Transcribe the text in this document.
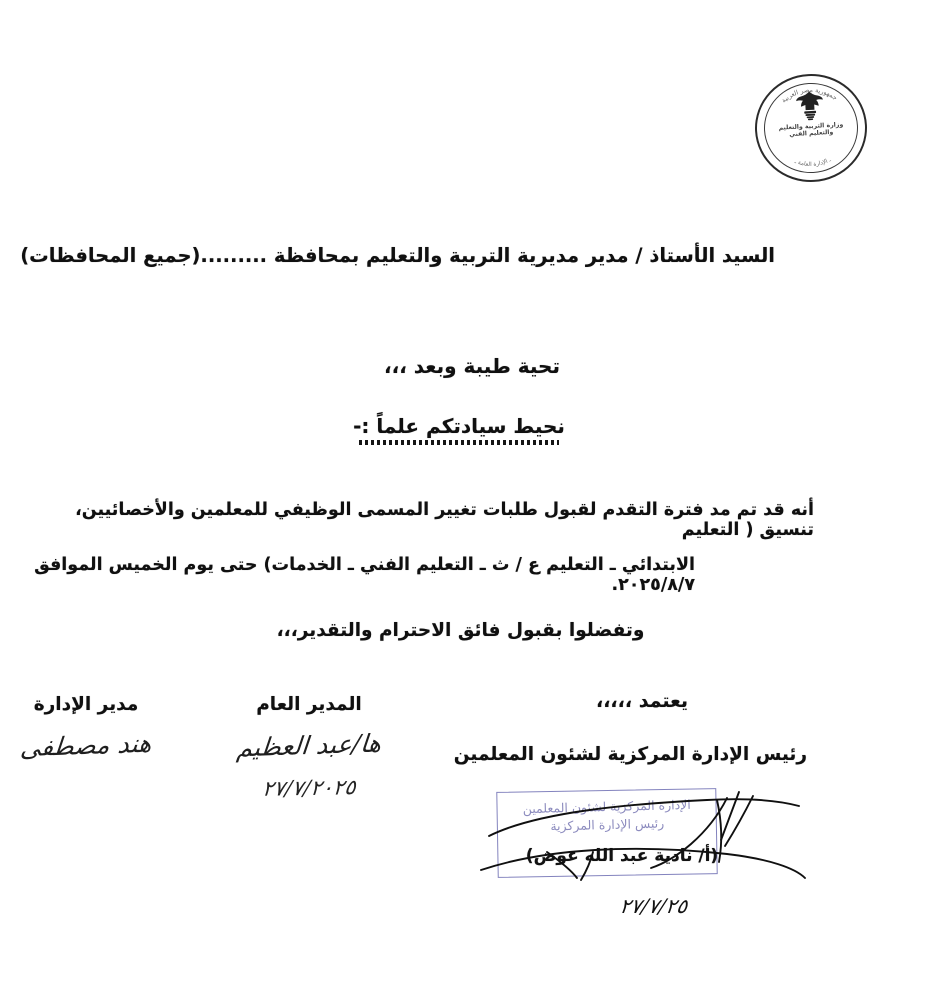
جمهورية مصر العربية
ـ الإدارة العامة ـ
وزارة التربية والتعليم
والتعليم الفني
السيد الأستاذ / مدير مديرية التربية والتعليم بمحافظة .........(جميع المحافظات)
تحية طيبة وبعد ،،،
نحيط سيادتكم علماً :-
أنه قد تم مد فترة التقدم لقبول طلبات تغيير المسمى الوظيفي للمعلمين والأخصائيين، تنسيق ( التعليم
الابتدائي ـ التعليم ع / ث ـ التعليم الفني ـ الخدمات) حتى يوم الخميس الموافق ٢٠٢٥/٨/٧.
وتفضلوا بقبول فائق الاحترام والتقدير،،،
مدير الإدارة
هند مصطفى
المدير العام
ها/عبد العظيم
٢٧/٧/٢٠٢٥
يعتمد ،،،،،
رئيس الإدارة المركزية لشئون المعلمين
الإدارة المركزية لشئون المعلمين
رئيس الإدارة المركزية
(أ/ نادية عبد الله عوض)
٢٧/٧/٢٥
